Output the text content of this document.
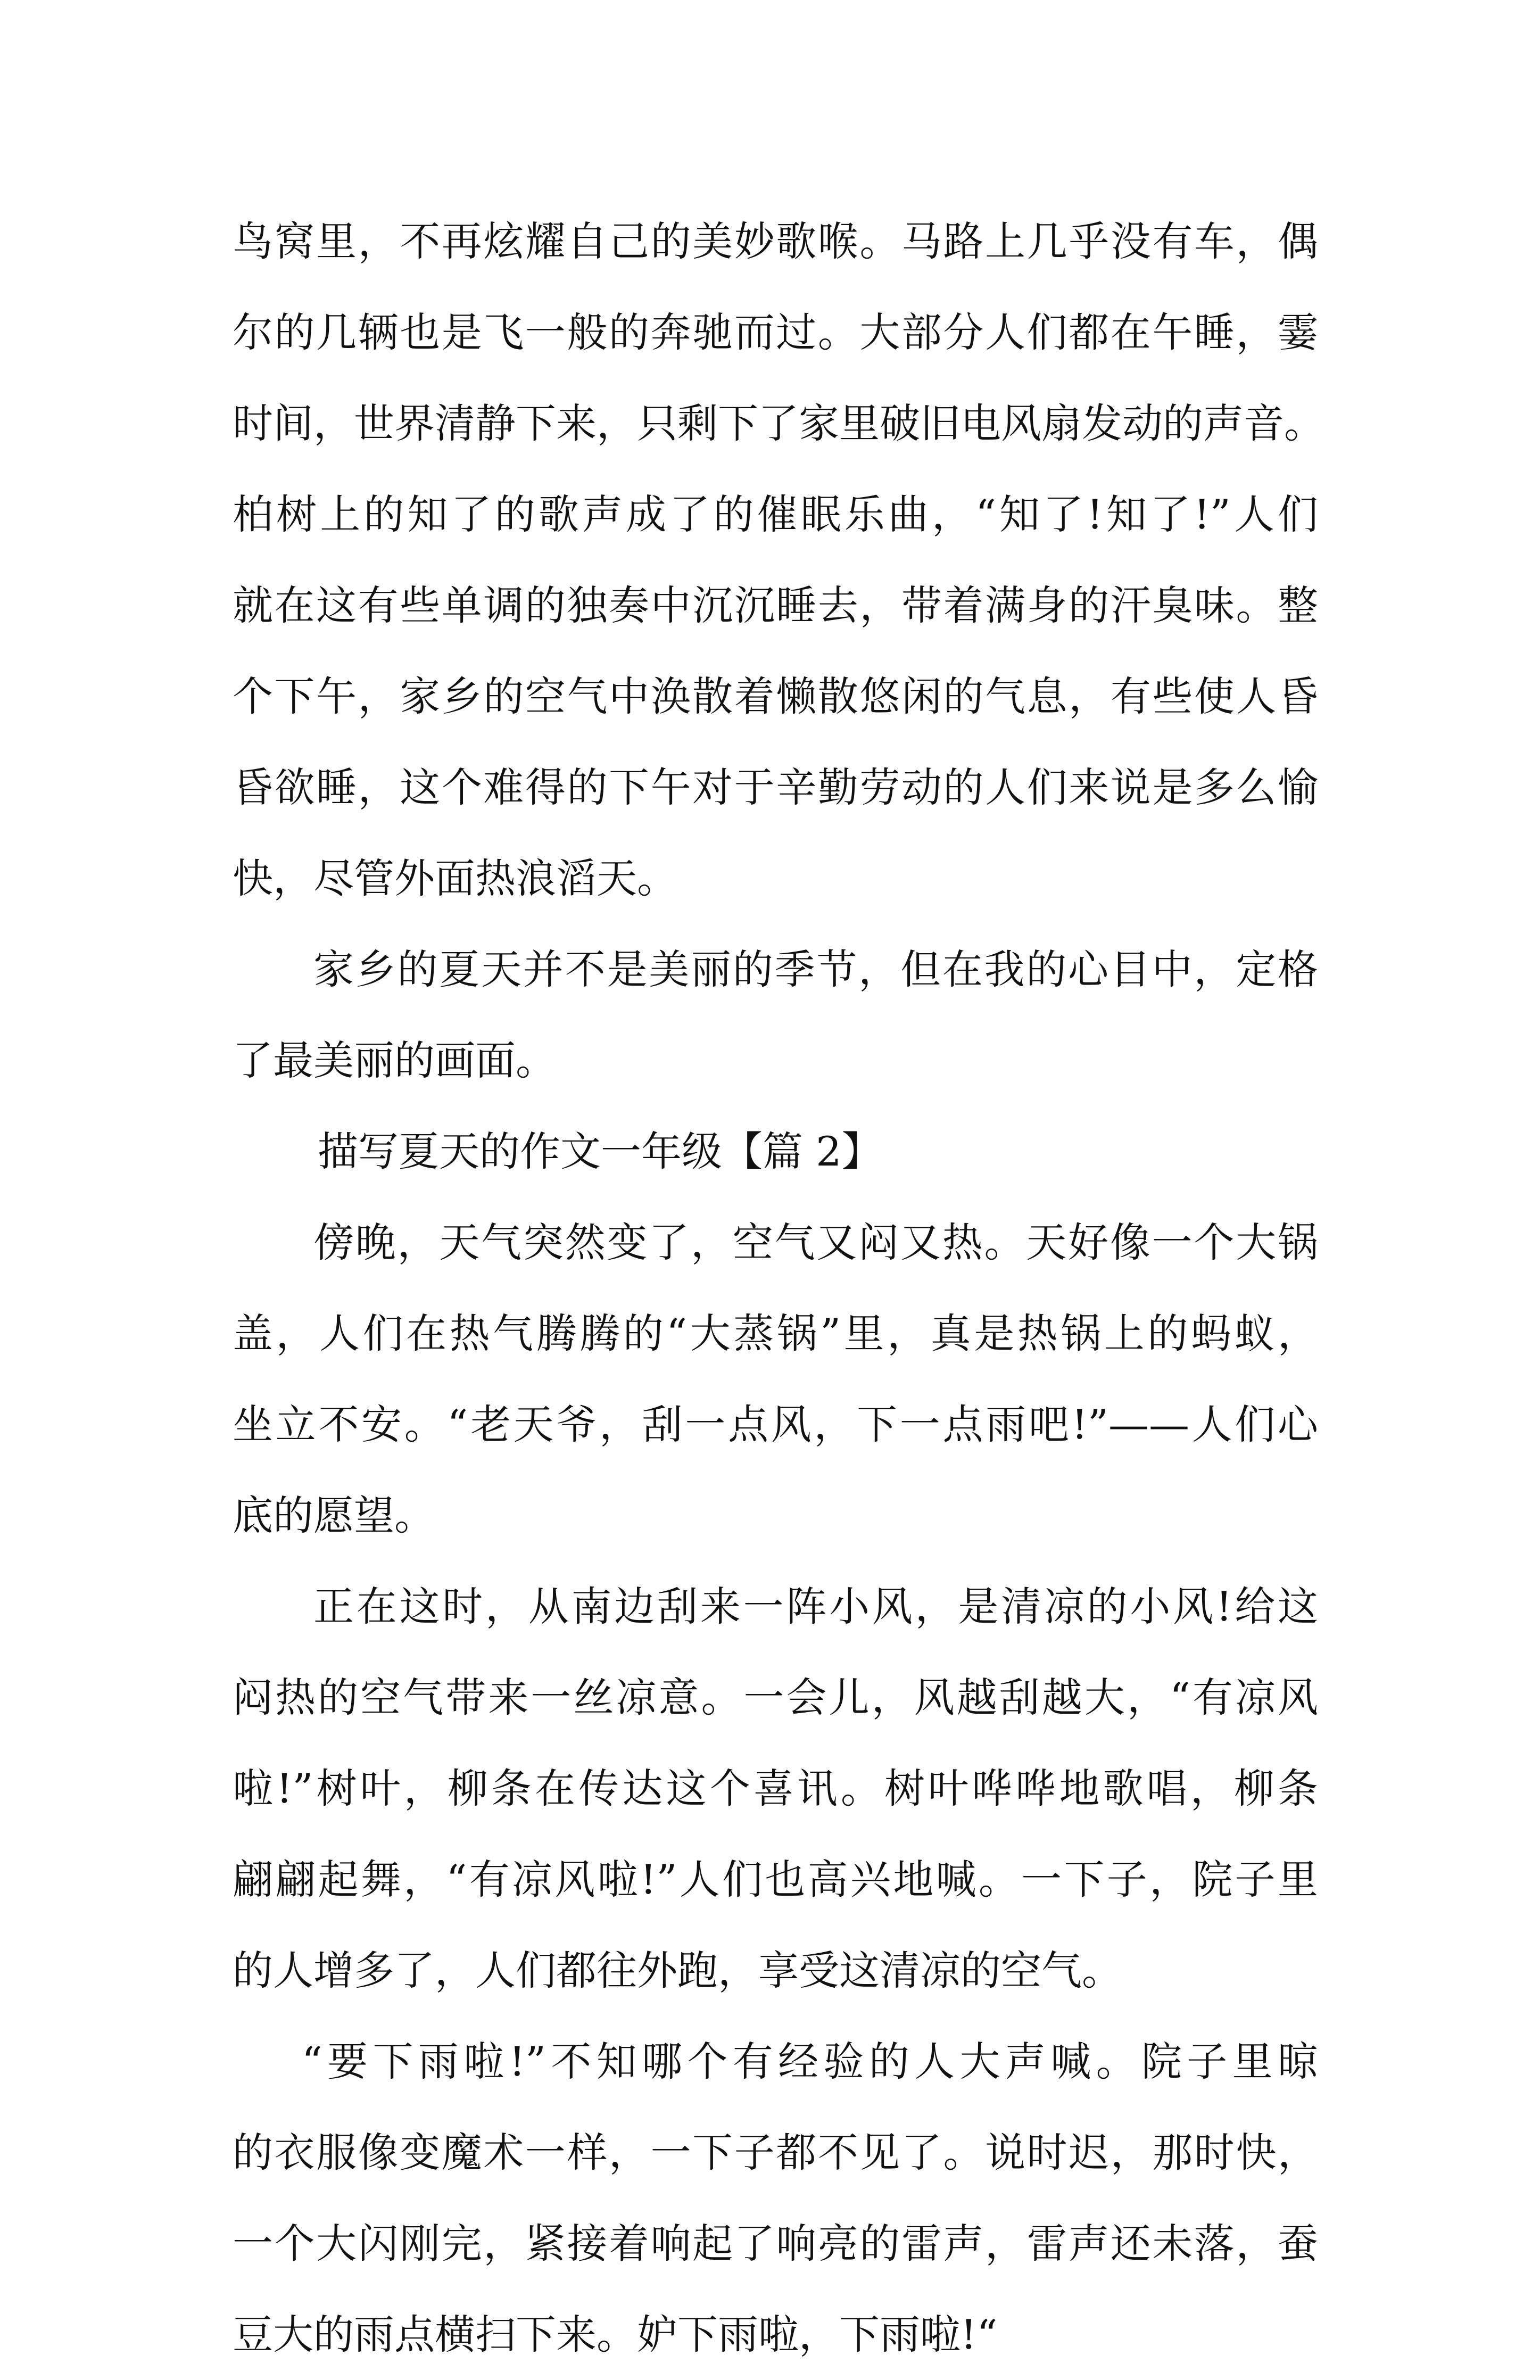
鸟窝里，不再炫耀自己的美妙歌喉。马路上几乎没有车，偶
尔的几辆也是飞一般的奔驰而过。大部分人们都在午睡，霎
时间，世界清静下来，只剩下了家里破旧电风扇发动的声音。
柏树上的知了的歌声成了的催眠乐曲，“知了!知了!”人们
就在这有些单调的独奏中沉沉睡去，带着满身的汗臭味。整
个下午，家乡的空气中涣散着懒散悠闲的气息，有些使人昏
昏欲睡，这个难得的下午对于辛勤劳动的人们来说是多么愉
快，尽管外面热浪滔天。
家乡的夏天并不是美丽的季节，但在我的心目中，定格
了最美丽的画面。
描写夏天的作文一年级【篇 2】
傍晚，天气突然变了，空气又闷又热。天好像一个大锅
盖，人们在热气腾腾的“大蒸锅”里，真是热锅上的蚂蚁，
坐立不安。“老天爷，刮一点风，下一点雨吧!”——人们心
底的愿望。
正在这时，从南边刮来一阵小风，是清凉的小风!给这
闷热的空气带来一丝凉意。一会儿，风越刮越大，“有凉风
啦!”树叶，柳条在传达这个喜讯。树叶哗哗地歌唱，柳条
翩翩起舞，“有凉风啦!”人们也高兴地喊。一下子，院子里
的人增多了，人们都往外跑，享受这清凉的空气。
“要下雨啦!”不知哪个有经验的人大声喊。院子里晾
的衣服像变魔术一样，一下子都不见了。说时迟，那时快，
一个大闪刚完，紧接着响起了响亮的雷声，雷声还未落，蚕
豆大的雨点横扫下来。妒下雨啦，下雨啦!“
